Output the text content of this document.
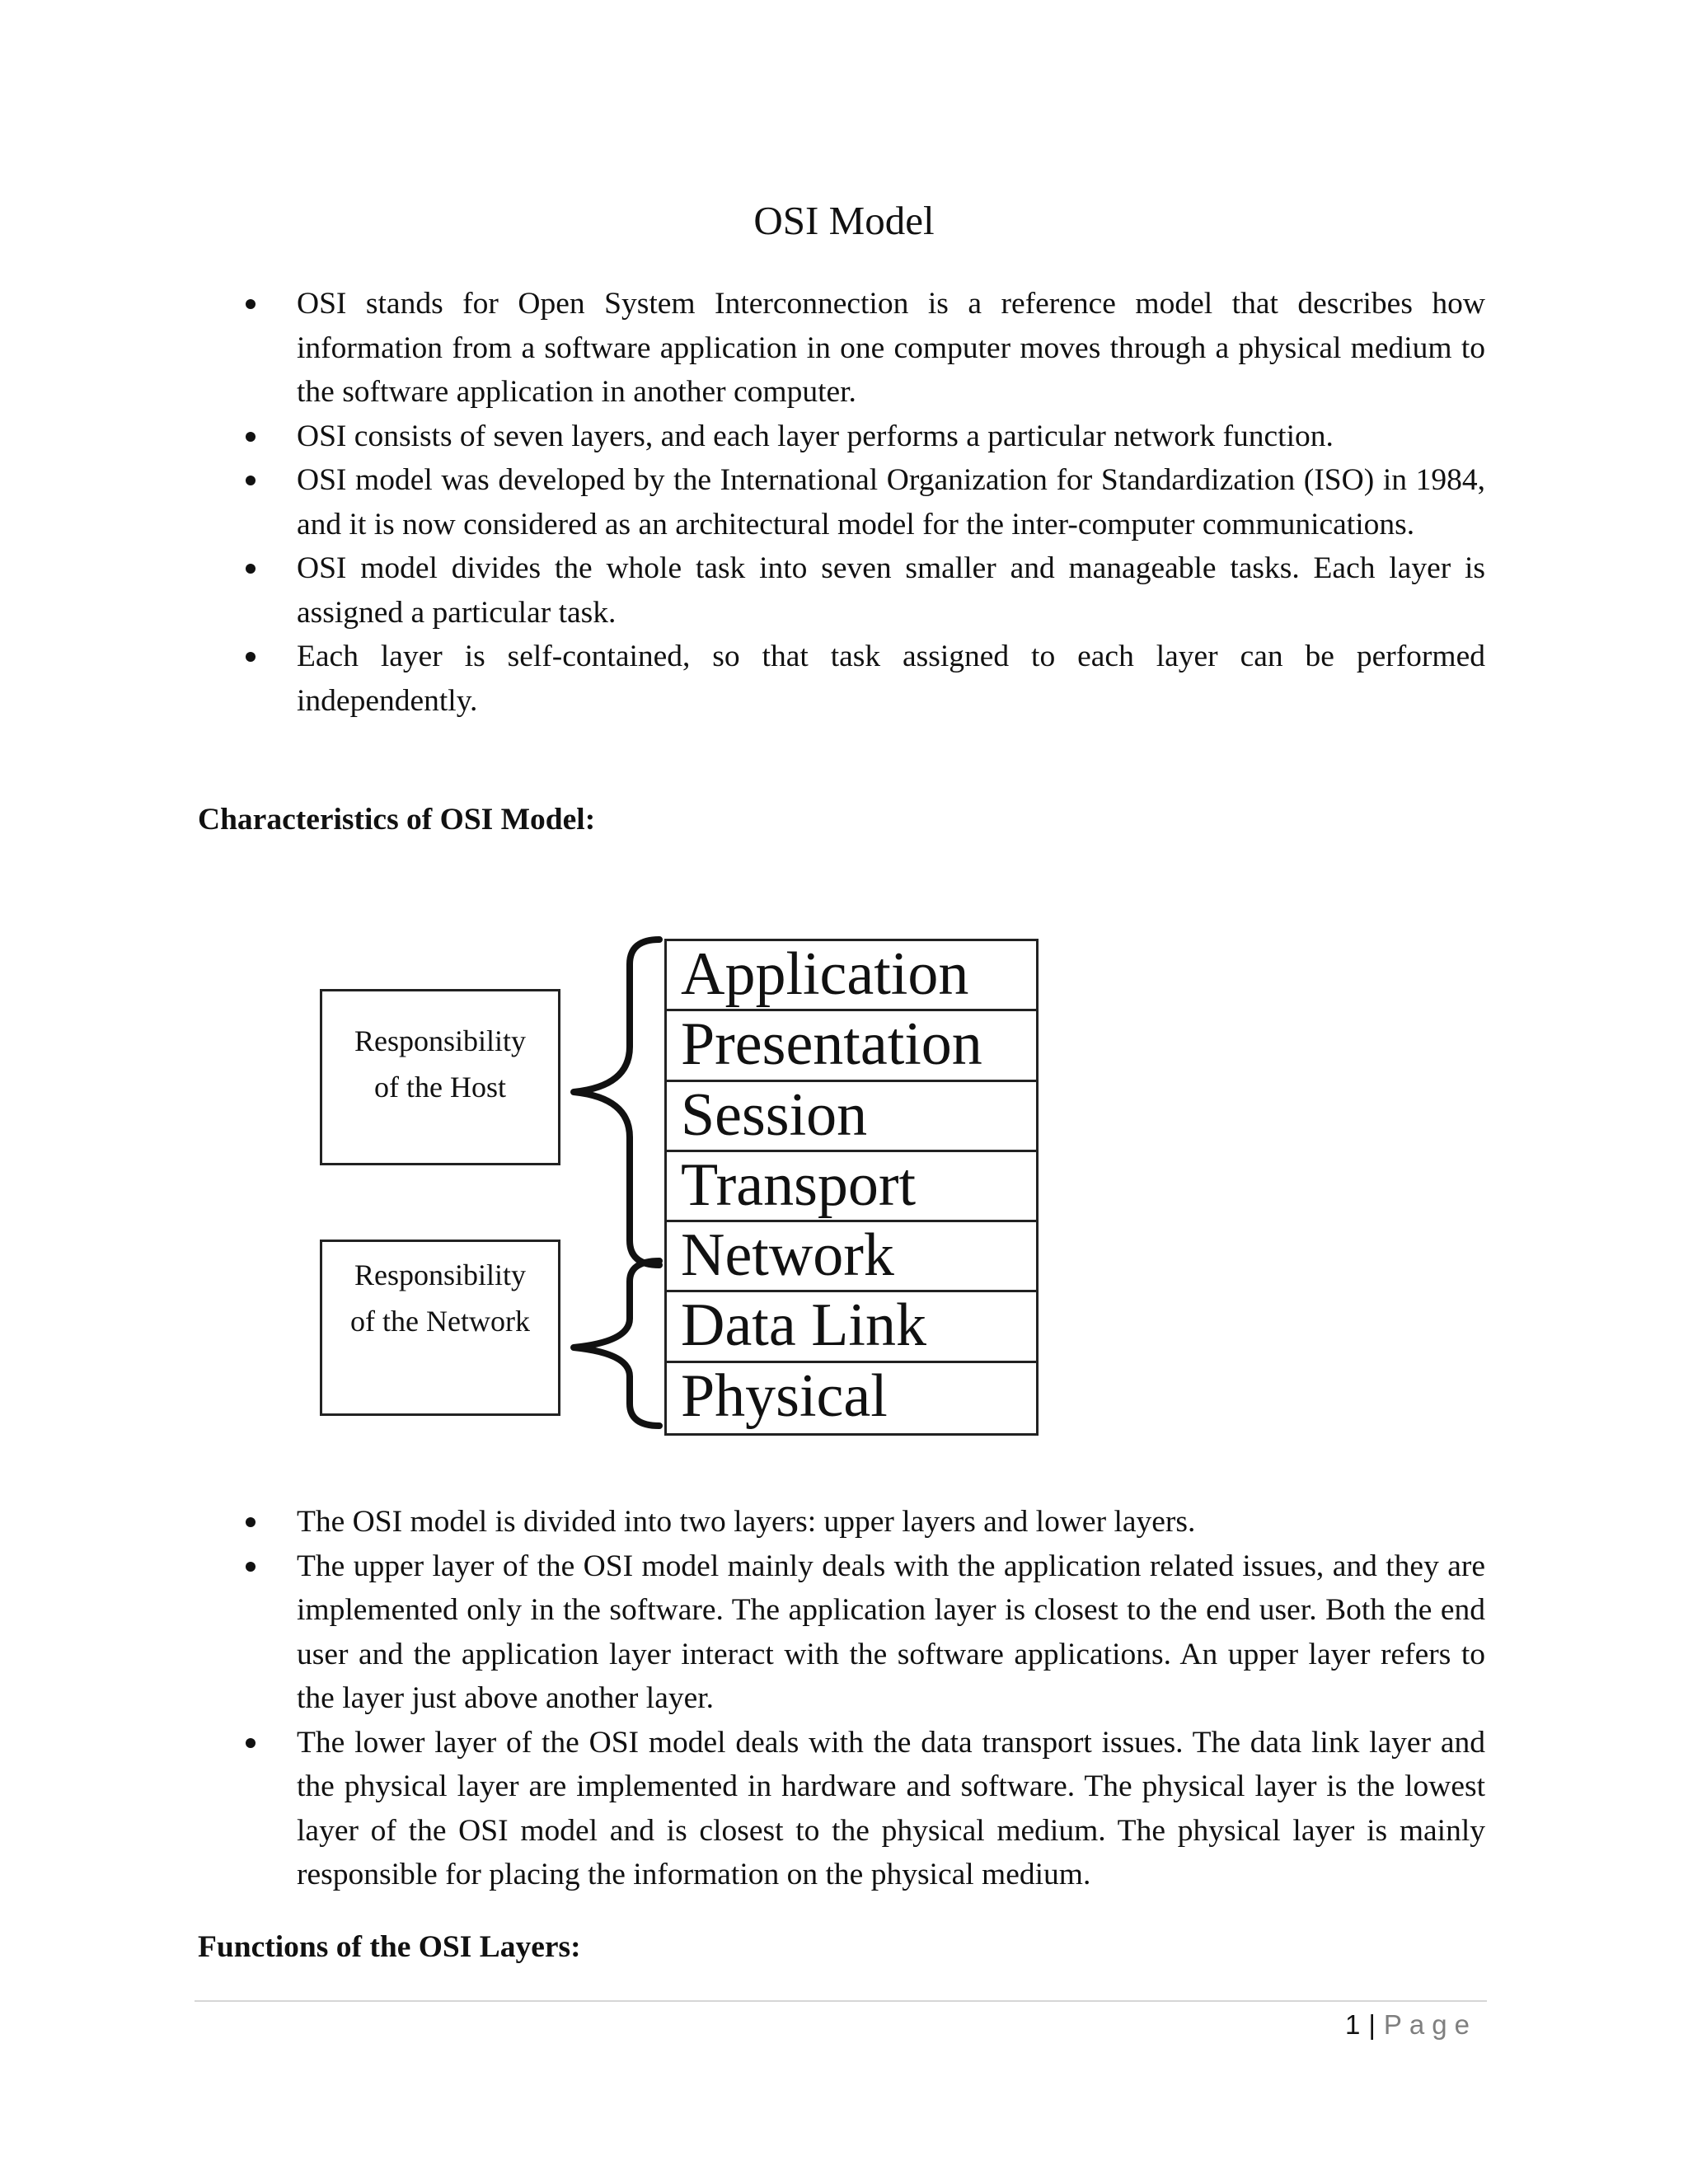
OSI Model
OSI stands for Open System Interconnection is a reference model that describes how information from a software application in one computer moves through a physical medium to the software application in another computer.
OSI consists of seven layers, and each layer performs a particular network function.
OSI model was developed by the International Organization for Standardization (ISO) in 1984, and it is now considered as an architectural model for the inter-computer communications.
OSI model divides the whole task into seven smaller and manageable tasks. Each layer is assigned a particular task.
Each layer is self-contained, so that task assigned to each layer can be performed independently.
Characteristics of OSI Model:
Responsibility
of the Host
Responsibility
of the Network
Application
Presentation
Session
Transport
Network
Data Link
Physical
The OSI model is divided into two layers: upper layers and lower layers.
The upper layer of the OSI model mainly deals with the application related issues, and they are implemented only in the software. The application layer is closest to the end user. Both the end user and the application layer interact with the software applications. An upper layer refers to the layer just above another layer.
The lower layer of the OSI model deals with the data transport issues. The data link layer and the physical layer are implemented in hardware and software. The physical layer is the lowest layer of the OSI model and is closest to the physical medium. The physical layer is mainly responsible for placing the information on the physical medium.
Functions of the OSI Layers:
1 | Page
